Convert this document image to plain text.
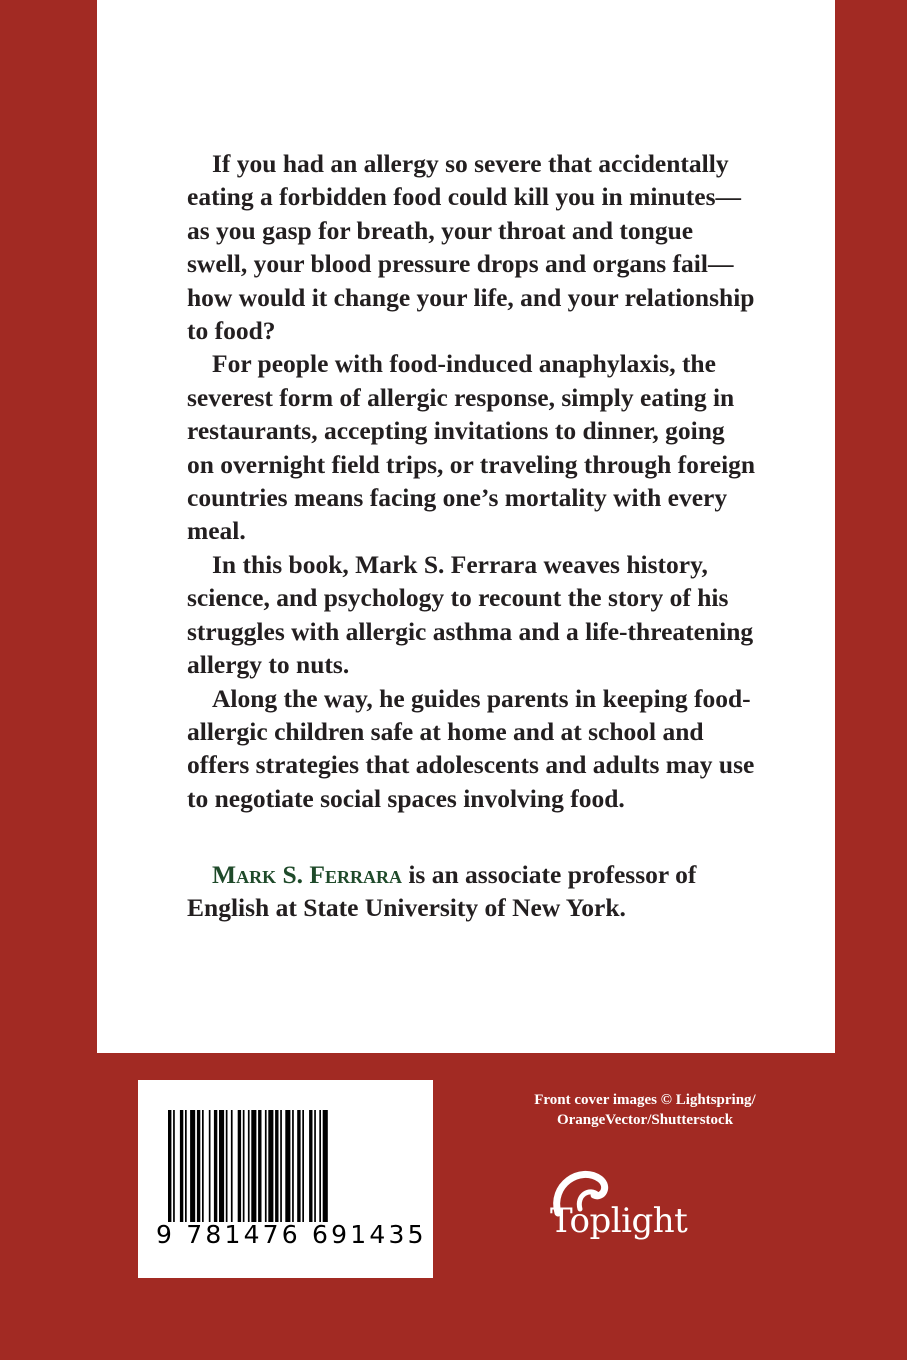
If you had an allergy so severe that accidentally eating a forbidden food could kill you in minutes—as you gasp for breath, your throat and tongue swell, your blood pressure drops and organs fail—how would it change your life, and your relationship to food?

For people with food-induced anaphylaxis, the severest form of allergic response, simply eating in restaurants, accepting invitations to dinner, going on overnight field trips, or traveling through foreign countries means facing one’s mortality with every meal.

In this book, Mark S. Ferrara weaves history, science, and psychology to recount the story of his struggles with allergic asthma and a life-threatening allergy to nuts.

Along the way, he guides parents in keeping food-allergic children safe at home and at school and offers strategies that adolescents and adults may use to negotiate social spaces involving food.

Mark S. Ferrara is an associate professor of English at State University of New York.

9 781476 691435
Front cover images © Lightspring/
OrangeVector/Shutterstock
Toplight
